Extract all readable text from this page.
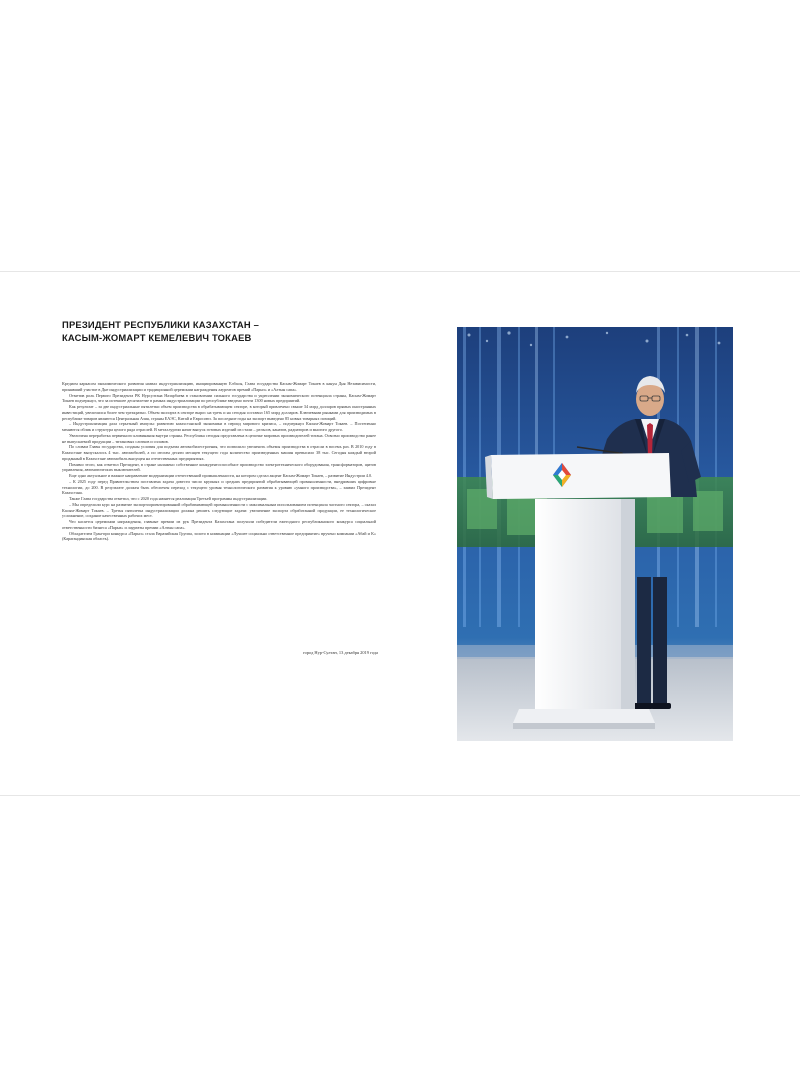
ПРЕЗИДЕНТ РЕСПУБЛИКИ КАЗАХСТАН –
КАСЫМ-ЖОМАРТ КЕМЕЛЕВИЧ ТОКАЕВ

Кредиом каркасом экономического развития назвал индустриализацию, инициированную Елбасы, Глава государства Касым-Жомарт Токаев в канун Дня Независимости, принявший участие в Дне индустриализации и традиционной церемонии награждения лауреатов премий «Парыз» и «Алтын сапа».

Отметив роль Первого Президента РК Нурсултана Назарбаева в становлении сильного государства и укреплении экономического потенциала страны, Касым-Жомарт Токаев подчеркнул, что за истекшее десятилетие в рамках индустриализации по республике введено почти 1300 новых предприятий.

Как результат – за две индустриальные пятилетки объем производства в обрабатывающем секторе, в который привлечено свыше 34 млрд долларов прямых иностранных инвестиций, увеличился более чем трехкратно. Объем экспорта в секторе вырос на треть и на сегодня составил 165 млрд долларов. Ключевыми рынками для производимых в республике товаров являются Центральная Азия, страны ЕАЭС, Китай и Евросоюз. За последние годы на экспорт выведено 85 новых товарных позиций.

– Индустриализация дала серьезный импульс развитию казахстанской экономики в период мирового кризиса, – подчеркнул Касым-Жомарт Токаев. – Постепенно меняются облик и структура целого ряда отраслей. В металлургии начат выпуск готовых изделий из стали – рельсов, канатов, радиаторов и многого другого.

Увеличена переработка первичного кливинания внутри страны. Республика сегодня представлена в цепочке мировых производителей титана. Освоено производство ранее не выпускаемой продукции – титановых слитков и сплавов.

По словам Главы государства, созданы условия для подъема автомобилестроения, что позволило увеличить объемы производства в отрасли в восемь раз. В 2010 году в Казахстане выпускалось 4 тыс. автомобилей, а по итогам десяти месяцев текущего года количество произведенных машин превысило 38 тыс. Сегодня каждый второй проданный в Казахстане автомобиль выпущен на отечественных предприятиях.

Помимо этого, как отметил Президент, в стране налажено собственное конкурентоспособное производство электротехнического оборудования, трансформаторов, щитов управления, автоматических выключателей.

Еще одно актуальное и важное направление модернизации отечественной промышленности, на котором сделал акцент Касым-Жомарт Токаев, – развитие Индустрии 4.0.

– К 2025 году перед Правительством поставлена задача довести число крупных и средних предприятий обрабатывающей промышленности, внедривших цифровые технологии, до 200. В результате должен быть обеспечен переход с текущего уровня технологического развития к уровню «умного производства», – заявил Президент Казахстана.

Также Глава государства отметил, что с 2020 года начнется реализация Третьей программы индустриализации.

– Мы определили курс на развитие экспортоориентированной обрабатывающей промышленности с максимальным использованием потенциала частного сектора, – сказал Касым-Жомарт Токаев. – Третья пятилетка индустриализации должна решить следующие задачи: увеличение экспорта обработанной продукции, ее технологическое усложнение, создание качественных рабочих мест.

Что касается церемонии награждения, главные премии из рук Президента Казахстана получили победители ежегодного республиканского конкурса социальной ответственности бизнеса «Парыз» и лауреаты премии «Алтын сапа».

Обладателем Гран-при конкурса «Парыз» стала Евразийская Группа, золото в номинации «Лучшее социально ответственное предприятие» вручено компании «Абай и К» (Карагандинская область).

город Нур-Султан, 13 декабря 2019 года
